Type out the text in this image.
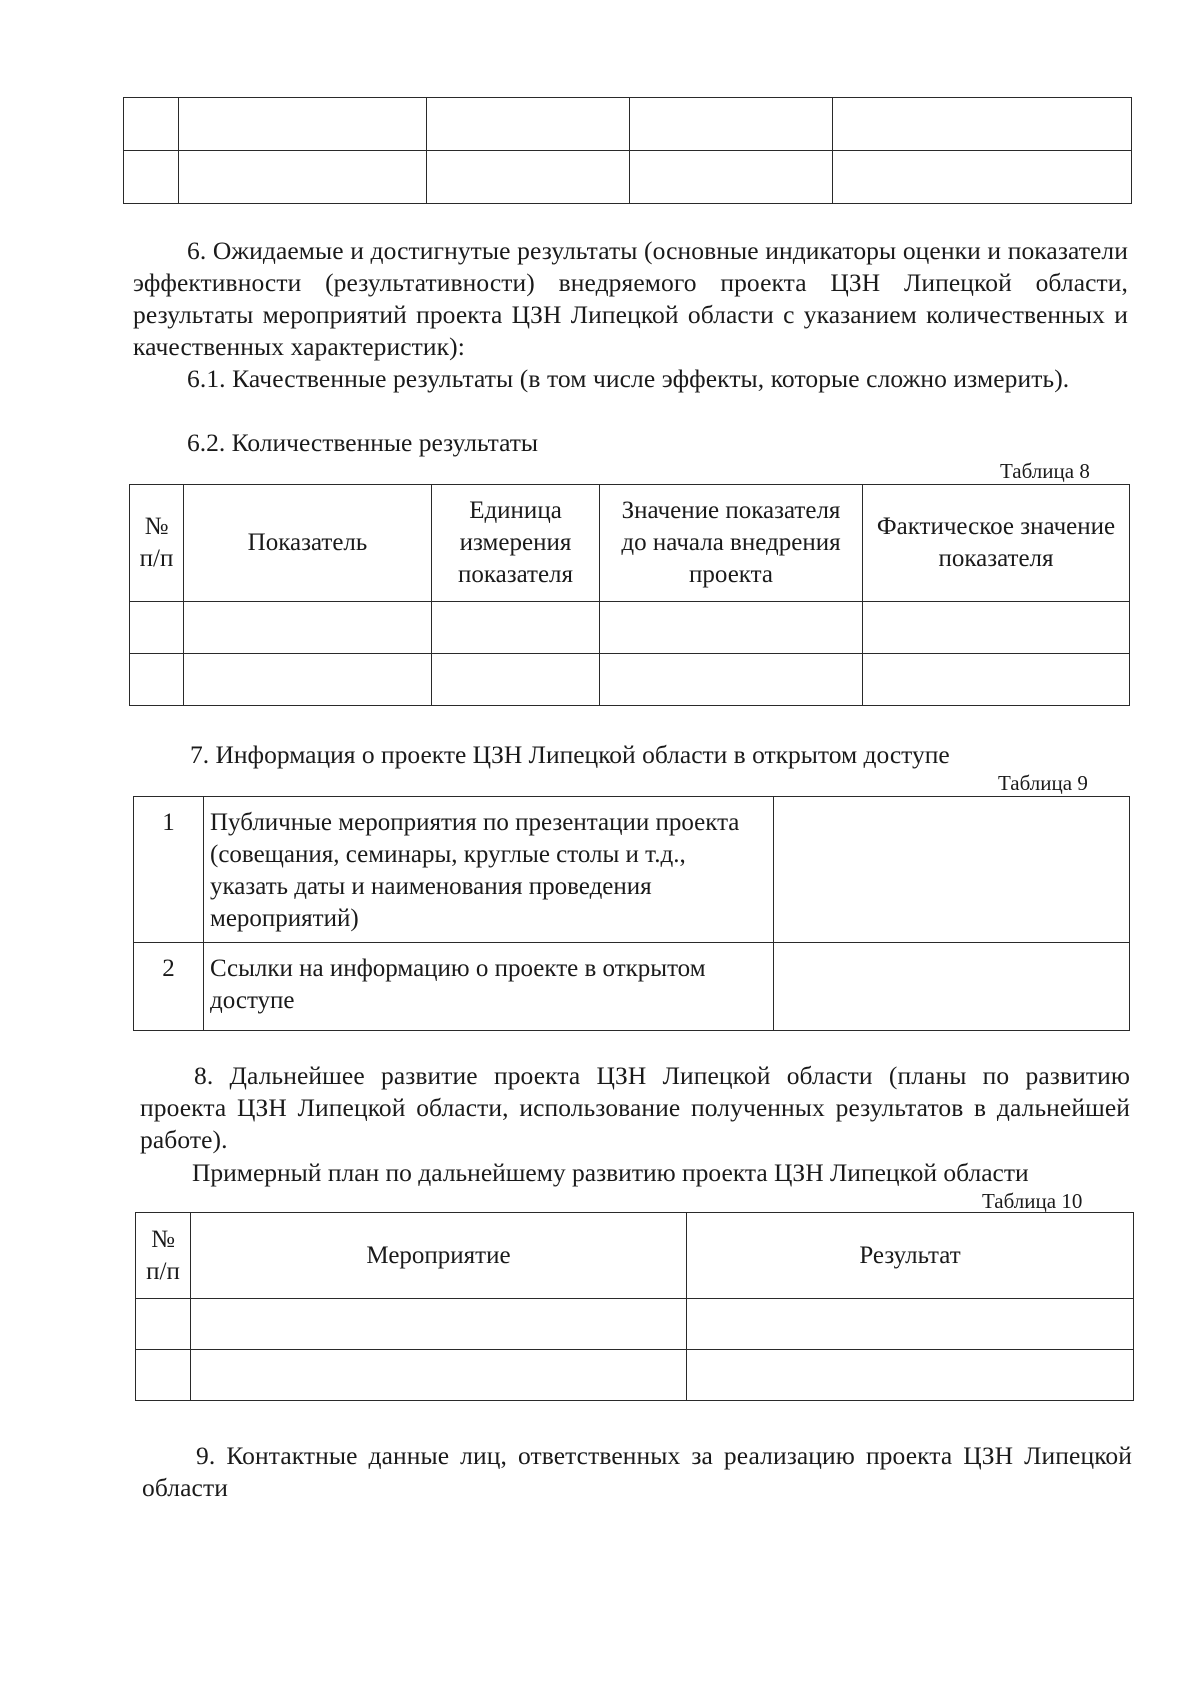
6. Ожидаемые и достигнутые результаты (основные индикаторы оценки и показатели эффективности (результативности) внедряемого проекта ЦЗН Липецкой области, результаты мероприятий проекта ЦЗН Липецкой области с указанием количественных и качественных характеристик):
6.1. Качественные результаты (в том числе эффекты, которые сложно измерить).
6.2. Количественные результаты
Таблица 8
№ п/п	Показатель	Единица измерения показателя	Значение показателя до начала внедрения проекта	Фактическое значение показателя

7. Информация о проекте ЦЗН Липецкой области в открытом доступе
Таблица 9
1	Публичные мероприятия по презентации проекта (совещания, семинары, круглые столы и т.д., указать даты и наименования проведения мероприятий)	
2	Ссылки на информацию о проекте в открытом доступе	
8. Дальнейшее развитие проекта ЦЗН Липецкой области (планы по развитию проекта ЦЗН Липецкой области, использование полученных результатов в дальнейшей работе).
Примерный план по дальнейшему развитию проекта ЦЗН Липецкой области
Таблица 10
№ п/п	Мероприятие	Результат

9. Контактные данные лиц, ответственных за реализацию проекта ЦЗН Липецкой области
